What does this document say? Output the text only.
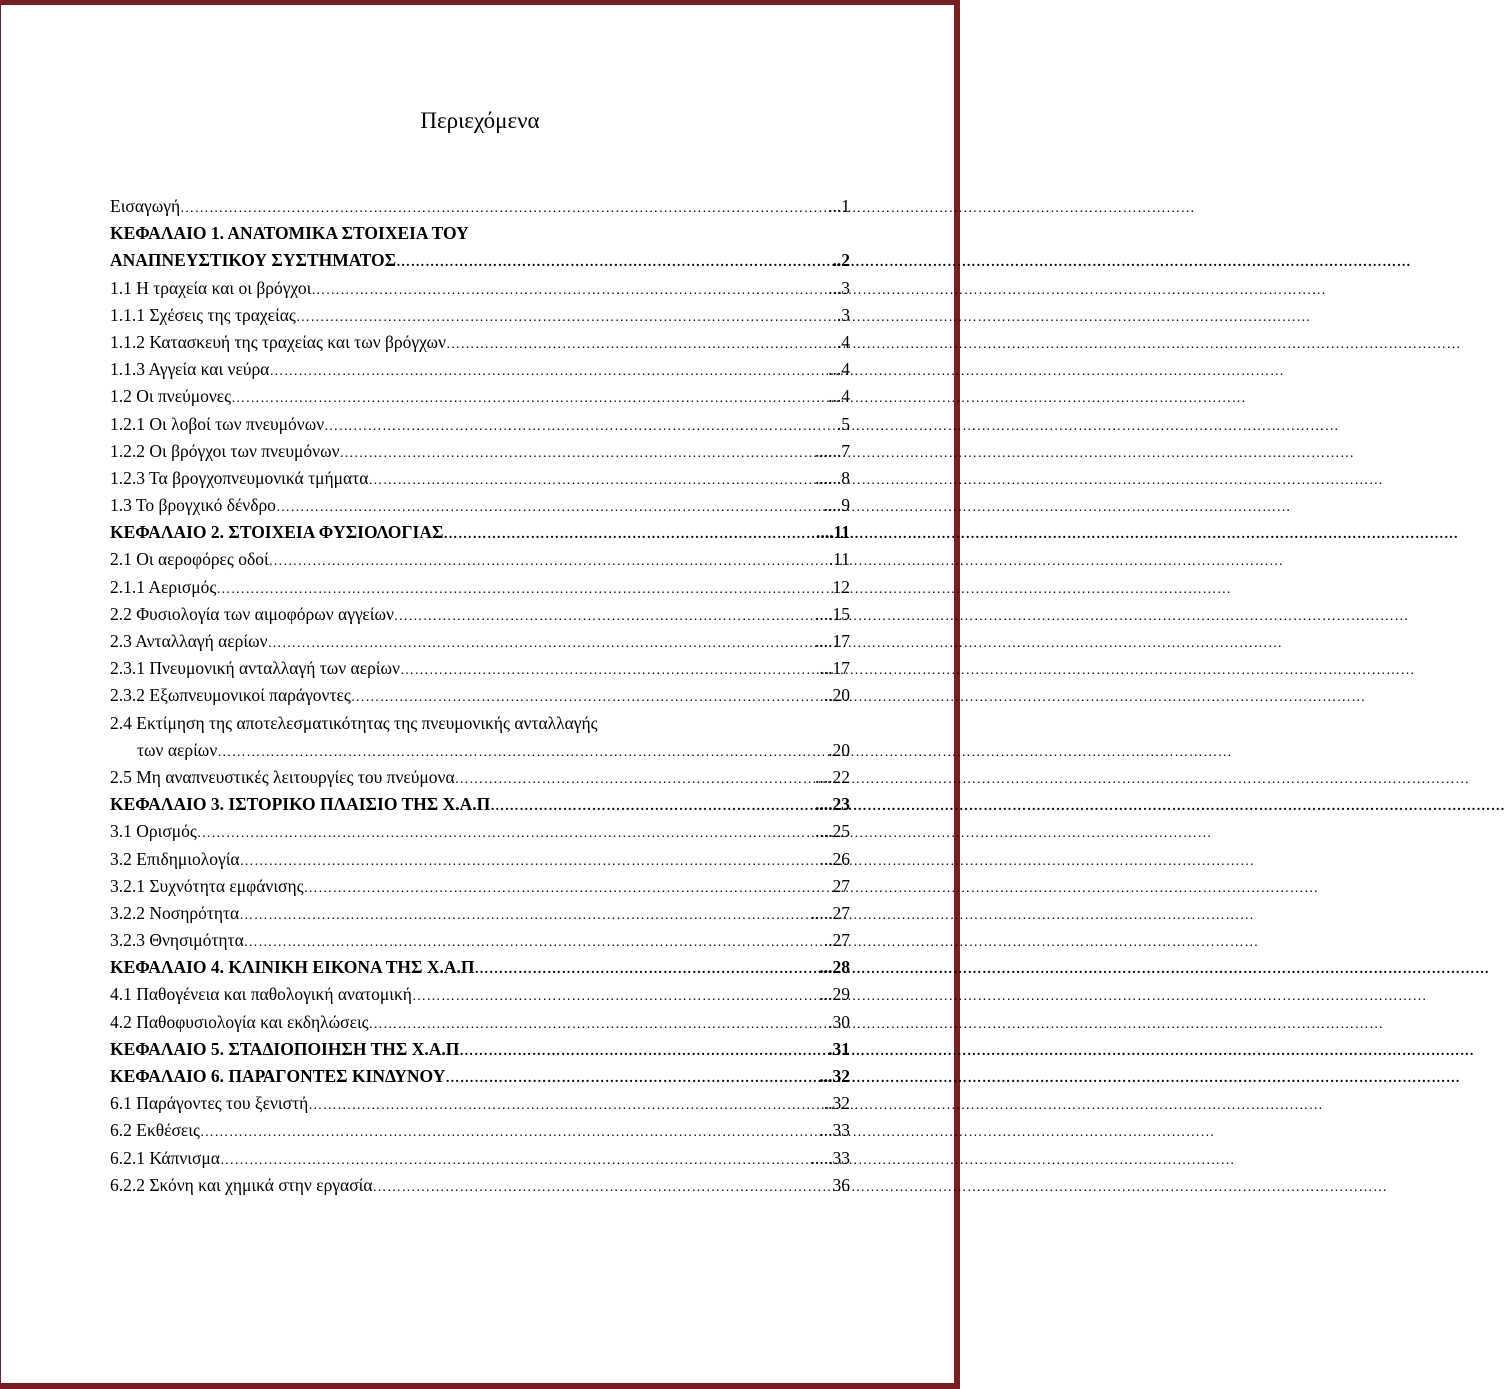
Περιεχόμενα
Εισαγωγή …………………………………………………………………………………………………………………………………………………………………………………………	...1
ΚΕΦΑΛΑΙΟ 1. ΑΝΑΤΟΜΙΚΑ ΣΤΟΙΧΕΙΑ ΤΟΥ
ΑΝΑΠΝΕΥΣΤΙΚΟΥ ΣΥΣΤΗΜΑΤΟΣ …………………………………………………………………………………………………………………………………………………………………………………………	..2
1.1 Η τραχεία και οι βρόγχοι …………………………………………………………………………………………………………………………………………………………………………………………	...3
1.1.1 Σχέσεις της τραχείας …………………………………………………………………………………………………………………………………………………………………………………………	.3
1.1.2 Κατασκευή της τραχείας και των βρόγχων …………………………………………………………………………………………………………………………………………………………………………………………	.4
1.1.3 Αγγεία και νεύρα …………………………………………………………………………………………………………………………………………………………………………………………	...4
1.2 Οι πνεύμονες …………………………………………………………………………………………………………………………………………………………………………………………	...4
1.2.1 Οι λοβοί των πνευμόνων …………………………………………………………………………………………………………………………………………………………………………………………	.5
1.2.2 Οι βρόγχοι των πνευμόνων …………………………………………………………………………………………………………………………………………………………………………………………	......7
1.2.3 Τα βρογχοπνευμονικά τμήματα …………………………………………………………………………………………………………………………………………………………………………………………	......8
1.3 Το βρογχικό δένδρο …………………………………………………………………………………………………………………………………………………………………………………………	....9
ΚΕΦΑΛΑΙΟ 2. ΣΤΟΙΧΕΙΑ ΦΥΣΙΟΛΟΓΙΑΣ …………………………………………………………………………………………………………………………………………………………………………………………	....11
2.1 Οι αεροφόρες οδοί …………………………………………………………………………………………………………………………………………………………………………………………	.11
2.1.1 Αερισμός …………………………………………………………………………………………………………………………………………………………………………………………	12
2.2 Φυσιολογία των αιμοφόρων αγγείων …………………………………………………………………………………………………………………………………………………………………………………………	....15
2.3 Ανταλλαγή αερίων …………………………………………………………………………………………………………………………………………………………………………………………	....17
2.3.1 Πνευμονική ανταλλαγή των αερίων …………………………………………………………………………………………………………………………………………………………………………………………	...17
2.3.2 Εξωπνευμονικοί παράγοντες …………………………………………………………………………………………………………………………………………………………………………………………	..20
2.4 Εκτίμηση της αποτελεσματικότητας της πνευμονικής ανταλλαγής
των αερίων …………………………………………………………………………………………………………………………………………………………………………………………	.20
2.5 Μη αναπνευστικές λειτουργίες του πνεύμονα …………………………………………………………………………………………………………………………………………………………………………………………	....22
ΚΕΦΑΛΑΙΟ 3. ΙΣΤΟΡΙΚΟ ΠΛΑΙΣΙΟ ΤΗΣ Χ.Α.Π …………………………………………………………………………………………………………………………………………………………………………………………	....23
3.1 Ορισμός …………………………………………………………………………………………………………………………………………………………………………………………	....25
3.2 Επιδημιολογία …………………………………………………………………………………………………………………………………………………………………………………………	...26
3.2.1 Συχνότητα εμφάνισης …………………………………………………………………………………………………………………………………………………………………………………………	27
3.2.2 Νοσηρότητα …………………………………………………………………………………………………………………………………………………………………………………………	.....27
3.2.3 Θνησιμότητα …………………………………………………………………………………………………………………………………………………………………………………………	..27
ΚΕΦΑΛΑΙΟ 4. ΚΛΙΝΙΚΗ ΕΙΚΟΝΑ ΤΗΣ Χ.Α.Π …………………………………………………………………………………………………………………………………………………………………………………………	...28
4.1 Παθογένεια και παθολογική ανατομική …………………………………………………………………………………………………………………………………………………………………………………………	...29
4.2 Παθοφυσιολογία και εκδηλώσεις …………………………………………………………………………………………………………………………………………………………………………………………	.30
ΚΕΦΑΛΑΙΟ 5. ΣΤΑΔΙΟΠΟΙΗΣΗ ΤΗΣ Χ.Α.Π …………………………………………………………………………………………………………………………………………………………………………………………	.31
ΚΕΦΑΛΑΙΟ 6. ΠΑΡΑΓΟΝΤΕΣ ΚΙΝΔΥΝΟΥ …………………………………………………………………………………………………………………………………………………………………………………………	...32
6.1 Παράγοντες του ξενιστή …………………………………………………………………………………………………………………………………………………………………………………………	..32
6.2 Εκθέσεις …………………………………………………………………………………………………………………………………………………………………………………………	...33
6.2.1 Κάπνισμα …………………………………………………………………………………………………………………………………………………………………………………………	.....33
6.2.2 Σκόνη και χημικά στην εργασία …………………………………………………………………………………………………………………………………………………………………………………………	36
